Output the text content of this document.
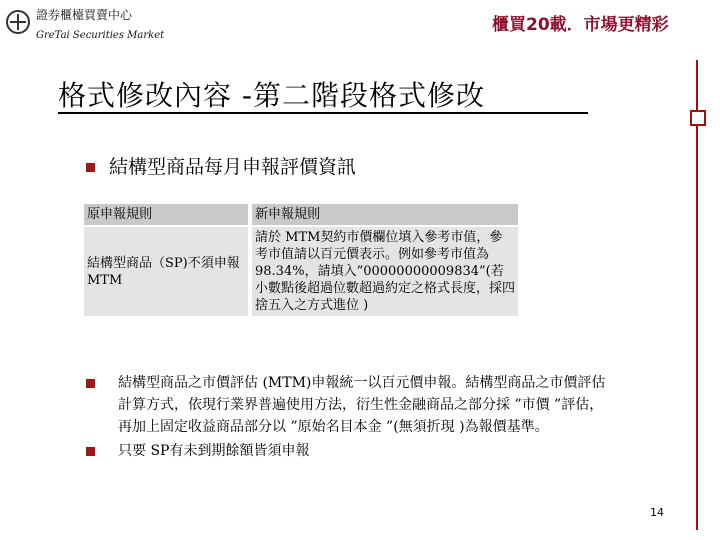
證券櫃檯買賣中心
GreTai Securities Market
櫃買20載．市場更精彩
格式修改內容 -第二階段格式修改
結構型商品每月申報評價資訊
原申報規則		新申報規則

結構型商品（SP)不須申報 MTM		請於 MTM契約市價欄位填入參考市值，參考市值請以百元價表示。例如參考市值為 98.34%，請填入”00000000009834”(若小數點後超過位數超過約定之格式長度，採四捨五入之方式進位 )
結構型商品之市價評估 (MTM)申報統一以百元價申報。結構型商品之市價評估計算方式，依現行業界普遍使用方法，衍生性金融商品之部分採 ”市價 ”評估，再加上固定收益商品部分以 ”原始名目本金 ”(無須折現 )為報價基準。
只要 SP有未到期餘額皆須申報
14
